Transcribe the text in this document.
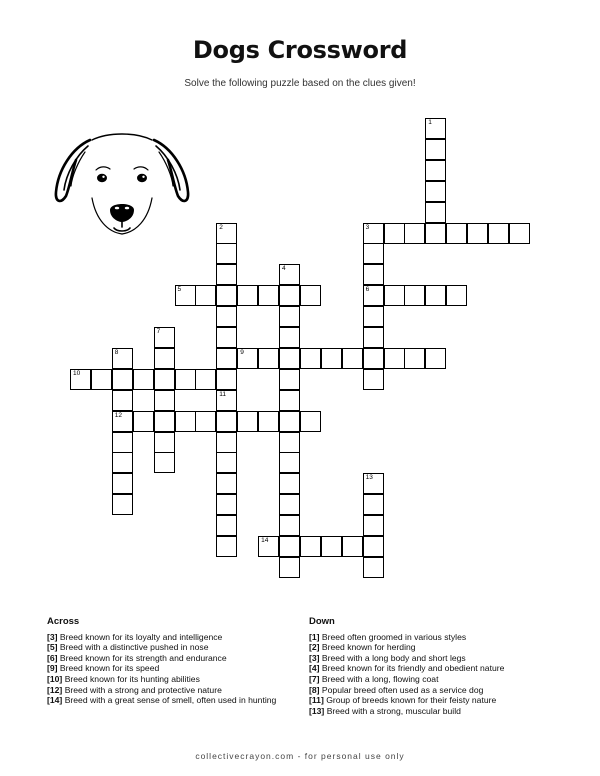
Dogs Crossword
Solve the following puzzle based on the clues given!
1
2
11
3
6
4
5
7
8
12
9
10
13
14
Across
[3] Breed known for its loyalty and intelligence
[5] Breed with a distinctive pushed in nose
[6] Breed known for its strength and endurance
[9] Breed known for its speed
[10] Breed known for its hunting abilities
[12] Breed with a strong and protective nature
[14] Breed with a great sense of smell, often used in hunting
Down
[1] Breed often groomed in various styles
[2] Breed known for herding
[3] Breed with a long body and short legs
[4] Breed known for its friendly and obedient nature
[7] Breed with a long, flowing coat
[8] Popular breed often used as a service dog
[11] Group of breeds known for their feisty nature
[13] Breed with a strong, muscular build
collectivecrayon.com - for personal use only
